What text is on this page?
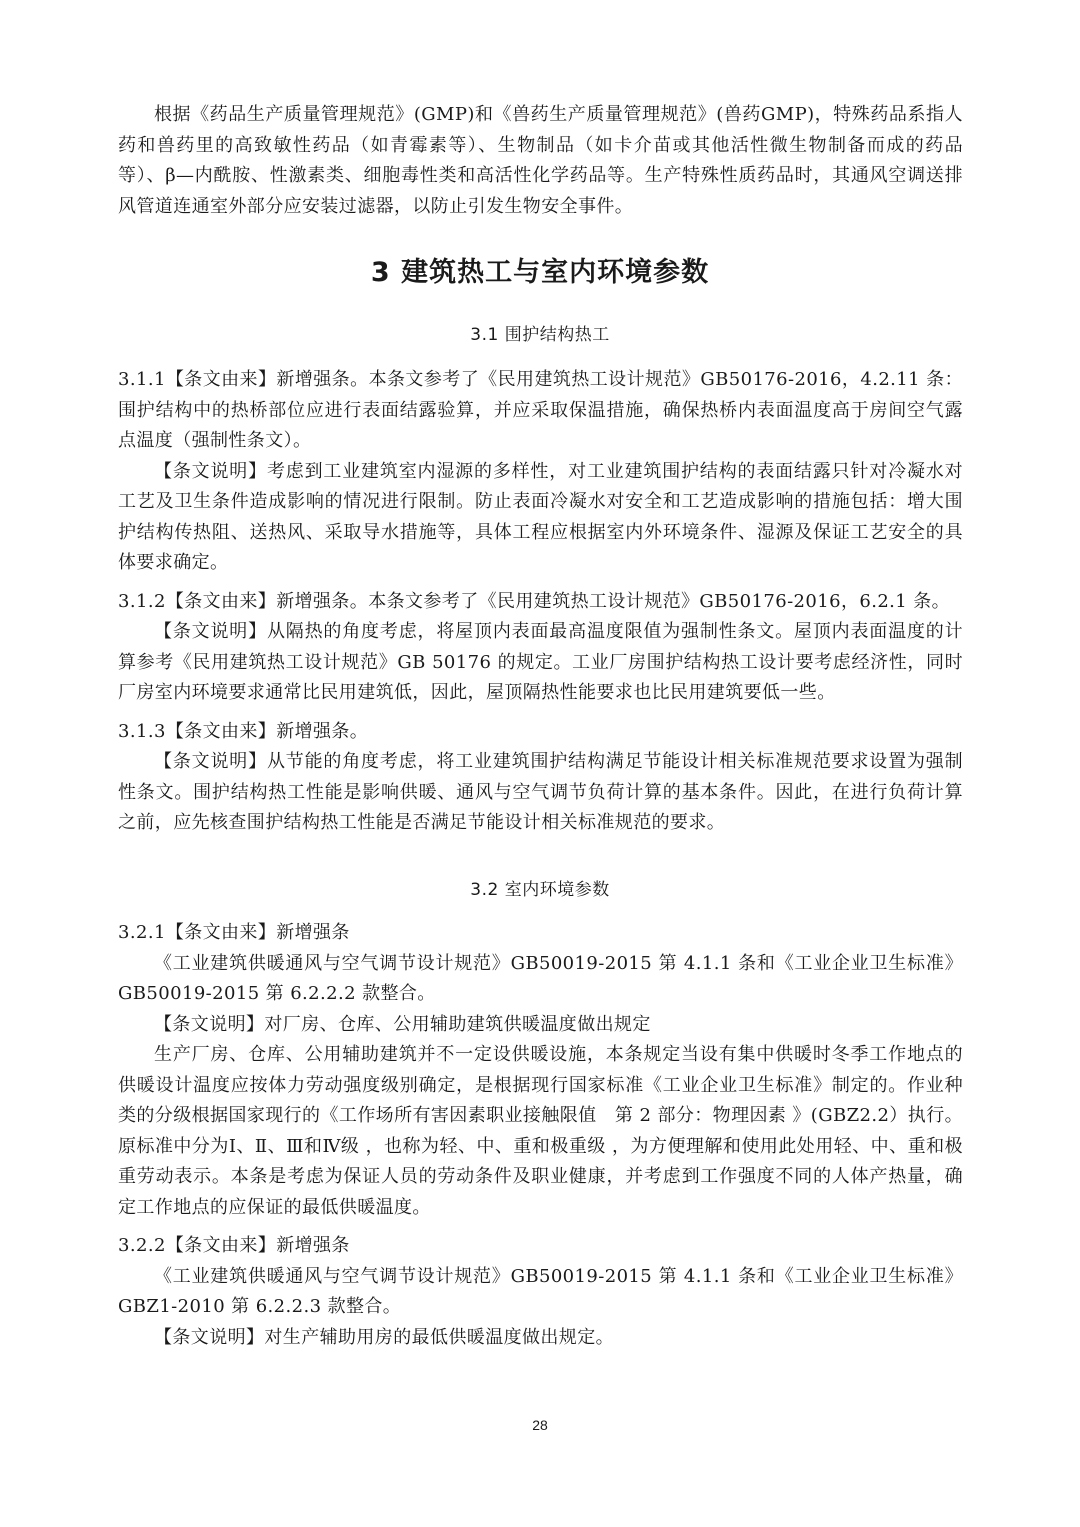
根据《药品生产质量管理规范》(GMP)和《兽药生产质量管理规范》(兽药GMP)，特殊药品系指人药和兽药里的高致敏性药品（如青霉素等）、生物制品（如卡介苗或其他活性微生物制备而成的药品等）、β—内酰胺、性激素类、细胞毒性类和高活性化学药品等。生产特殊性质药品时，其通风空调送排风管道连通室外部分应安装过滤器，以防止引发生物安全事件。

3 建筑热工与室内环境参数
3.1 围护结构热工

3.1.1【条文由来】新增强条。本条文参考了《民用建筑热工设计规范》GB50176-2016，4.2.11 条：围护结构中的热桥部位应进行表面结露验算，并应采取保温措施，确保热桥内表面温度高于房间空气露点温度（强制性条文）。

【条文说明】考虑到工业建筑室内湿源的多样性，对工业建筑围护结构的表面结露只针对冷凝水对工艺及卫生条件造成影响的情况进行限制。防止表面冷凝水对安全和工艺造成影响的措施包括：增大围护结构传热阻、送热风、采取导水措施等，具体工程应根据室内外环境条件、湿源及保证工艺安全的具体要求确定。

3.1.2【条文由来】新增强条。本条文参考了《民用建筑热工设计规范》GB50176-2016，6.2.1 条。

【条文说明】从隔热的角度考虑，将屋顶内表面最高温度限值为强制性条文。屋顶内表面温度的计算参考《民用建筑热工设计规范》GB 50176 的规定。工业厂房围护结构热工设计要考虑经济性，同时厂房室内环境要求通常比民用建筑低，因此，屋顶隔热性能要求也比民用建筑要低一些。

3.1.3【条文由来】新增强条。

【条文说明】从节能的角度考虑，将工业建筑围护结构满足节能设计相关标准规范要求设置为强制性条文。围护结构热工性能是影响供暖、通风与空气调节负荷计算的基本条件。因此，在进行负荷计算之前，应先核查围护结构热工性能是否满足节能设计相关标准规范的要求。

3.2 室内环境参数

3.2.1【条文由来】新增强条

《工业建筑供暖通风与空气调节设计规范》GB50019-2015 第 4.1.1 条和《工业企业卫生标准》GB50019-2015 第 6.2.2.2 款整合。

【条文说明】对厂房、仓库、公用辅助建筑供暖温度做出规定

生产厂房、仓库、公用辅助建筑并不一定设供暖设施，本条规定当设有集中供暖时冬季工作地点的供暖设计温度应按体力劳动强度级别确定，是根据现行国家标准《工业企业卫生标准》制定的。作业种类的分级根据国家现行的《工作场所有害因素职业接触限值　第 2 部分：物理因素 》(GBZ2.2）执行。原标准中分为Ⅰ、Ⅱ、Ⅲ和Ⅳ级 ，也称为轻、中、重和极重级 ，为方便理解和使用此处用轻、中、重和极重劳动表示。本条是考虑为保证人员的劳动条件及职业健康，并考虑到工作强度不同的人体产热量，确定工作地点的应保证的最低供暖温度。

3.2.2【条文由来】新增强条

《工业建筑供暖通风与空气调节设计规范》GB50019-2015 第 4.1.1 条和《工业企业卫生标准》GBZ1-2010 第 6.2.2.3 款整合。

【条文说明】对生产辅助用房的最低供暖温度做出规定。

28
